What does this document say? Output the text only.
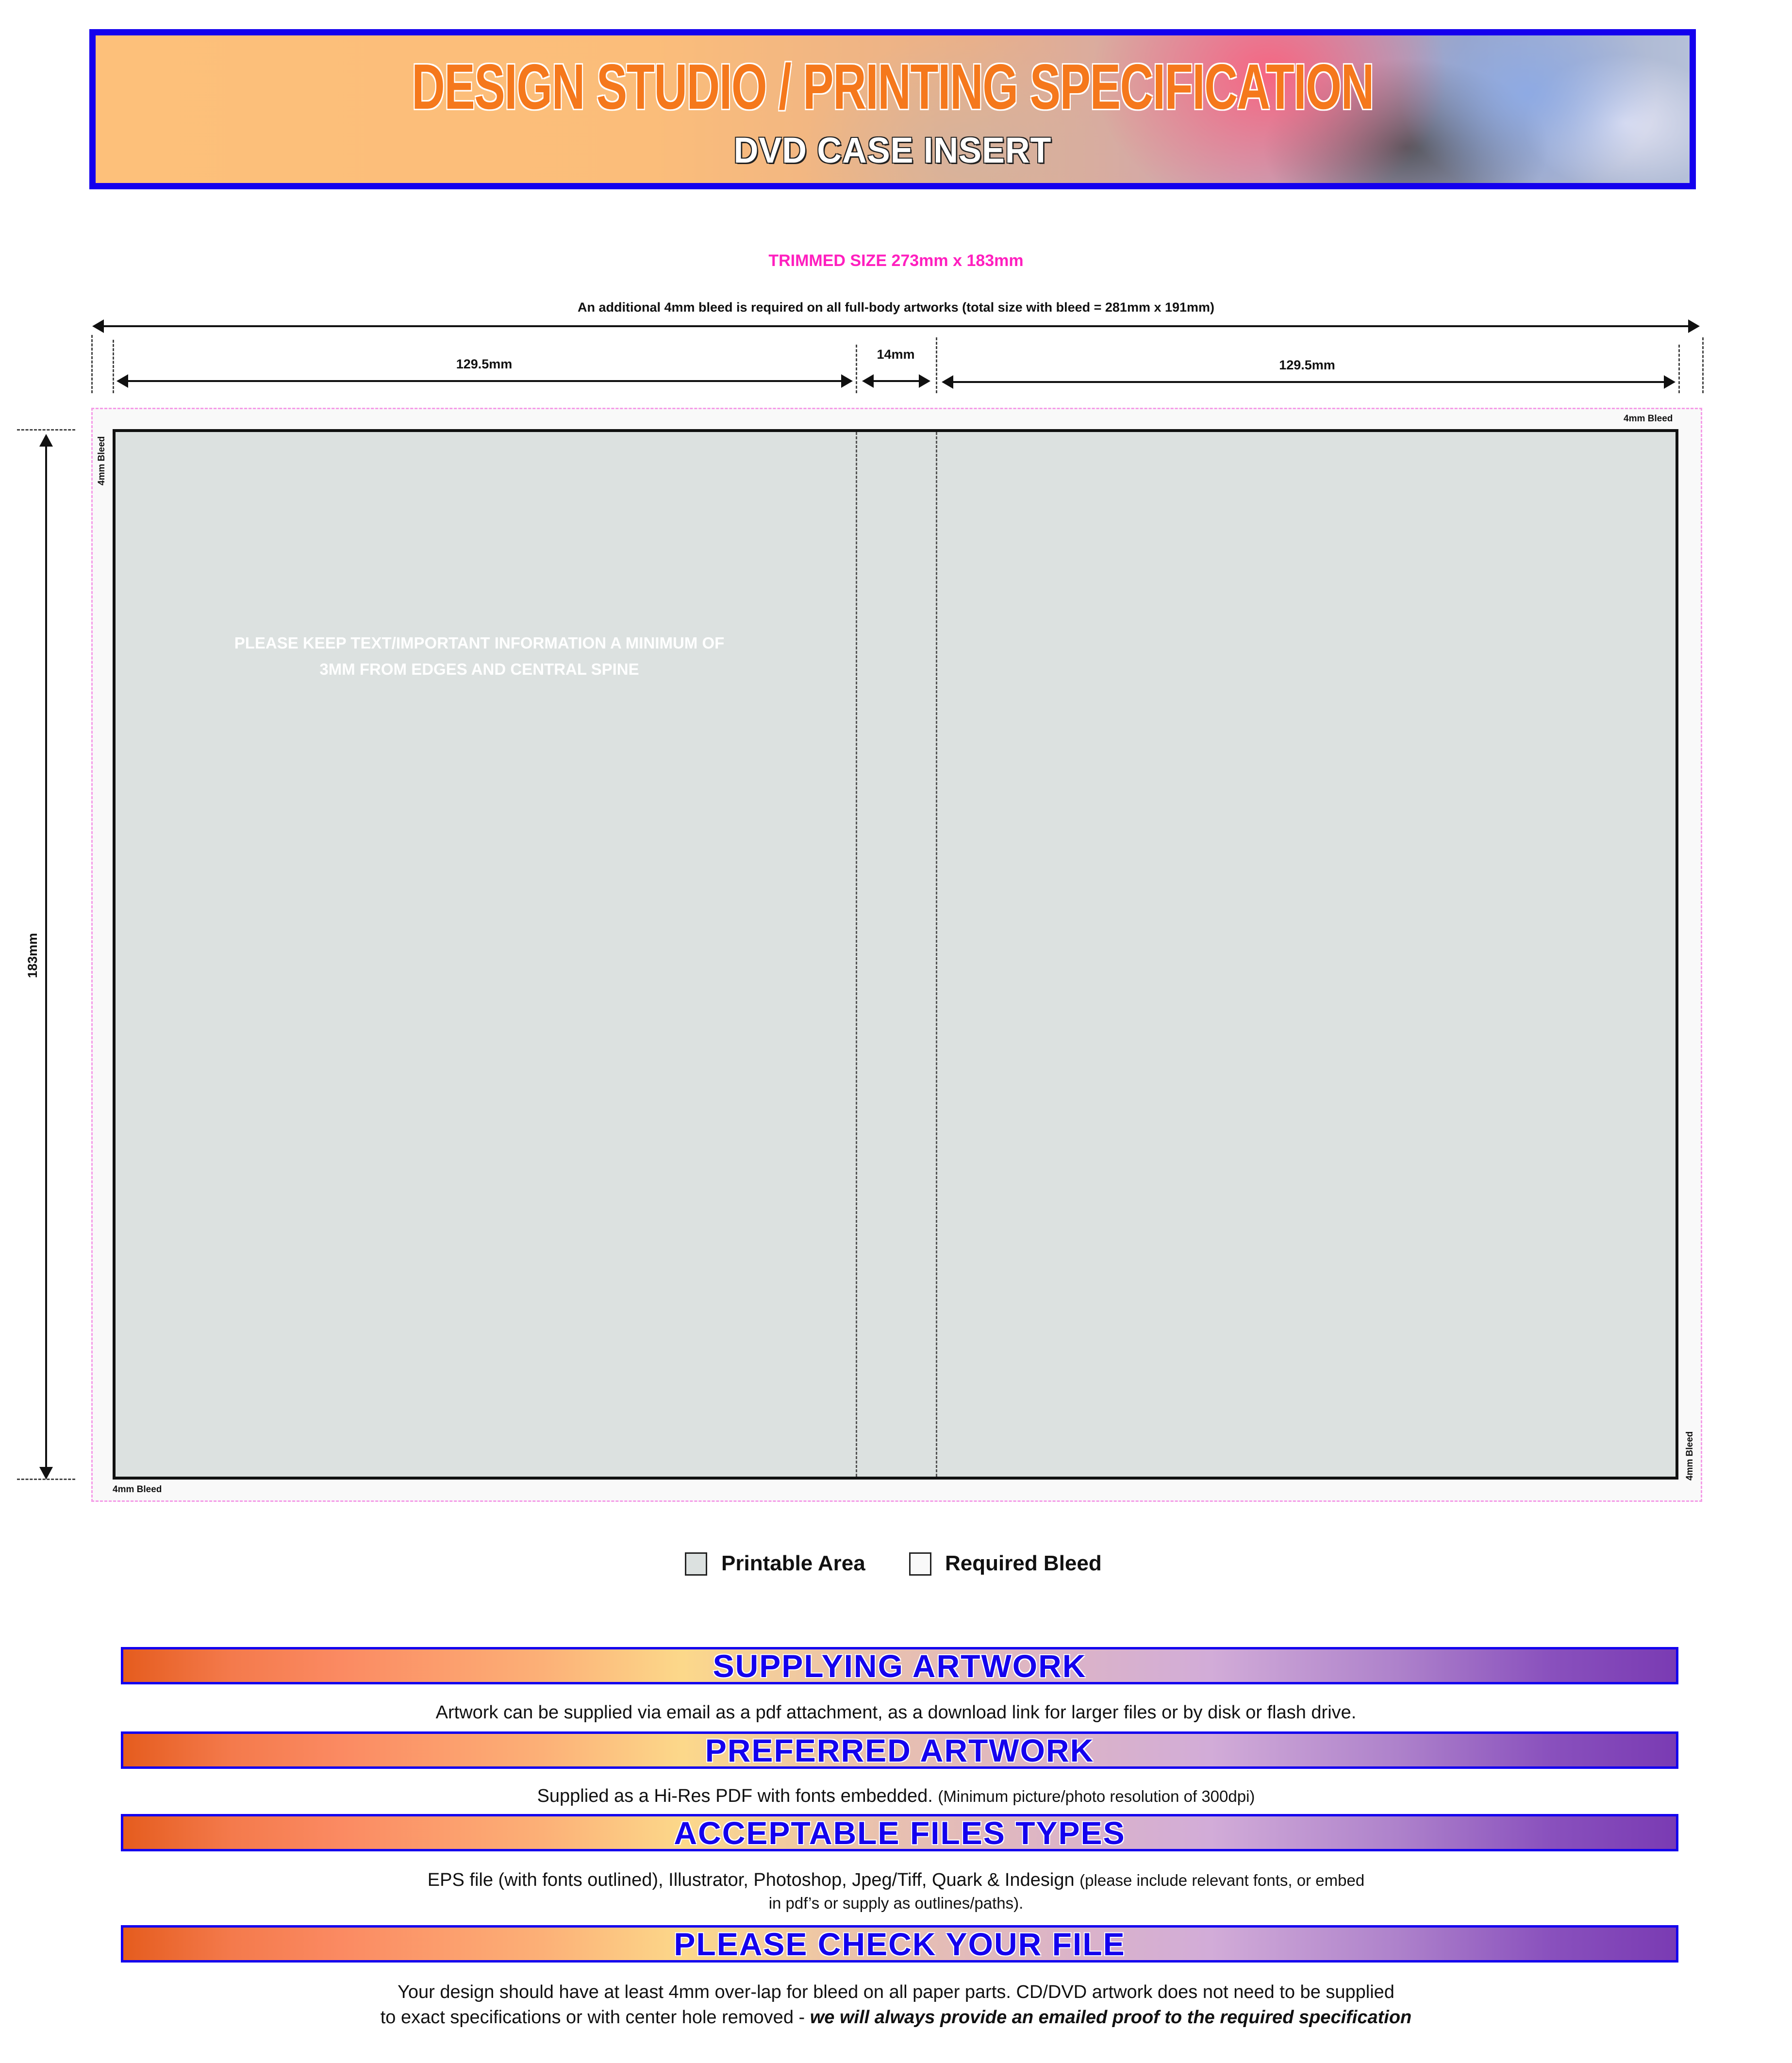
DESIGN STUDIO / PRINTING SPECIFICATION
DVD CASE INSERT
TRIMMED SIZE 273mm x 183mm
An additional 4mm bleed is required on all full-body artworks (total size with bleed = 281mm x 191mm)
129.5mm
14mm
129.5mm
183mm
4mm Bleed
4mm Bleed
4mm Bleed
4mm Bleed
PLEASE KEEP TEXT/IMPORTANT INFORMATION A MINIMUM OF
3MM FROM EDGES AND CENTRAL SPINE
Printable Area	Required Bleed
SUPPLYING ARTWORK
Artwork can be supplied via email as a pdf attachment, as a download link for larger files or by disk or flash drive.
PREFERRED ARTWORK
Supplied as a Hi-Res PDF with fonts embedded. (Minimum picture/photo resolution of 300dpi)
ACCEPTABLE FILES TYPES
EPS file (with fonts outlined), Illustrator, Photoshop, Jpeg/Tiff, Quark & Indesign (please include relevant fonts, or embed
in pdf’s or supply as outlines/paths).
PLEASE CHECK YOUR FILE
Your design should have at least 4mm over-lap for bleed on all paper parts. CD/DVD artwork does not need to be supplied
to exact specifications or with center hole removed - we will always provide an emailed proof to the required specification
